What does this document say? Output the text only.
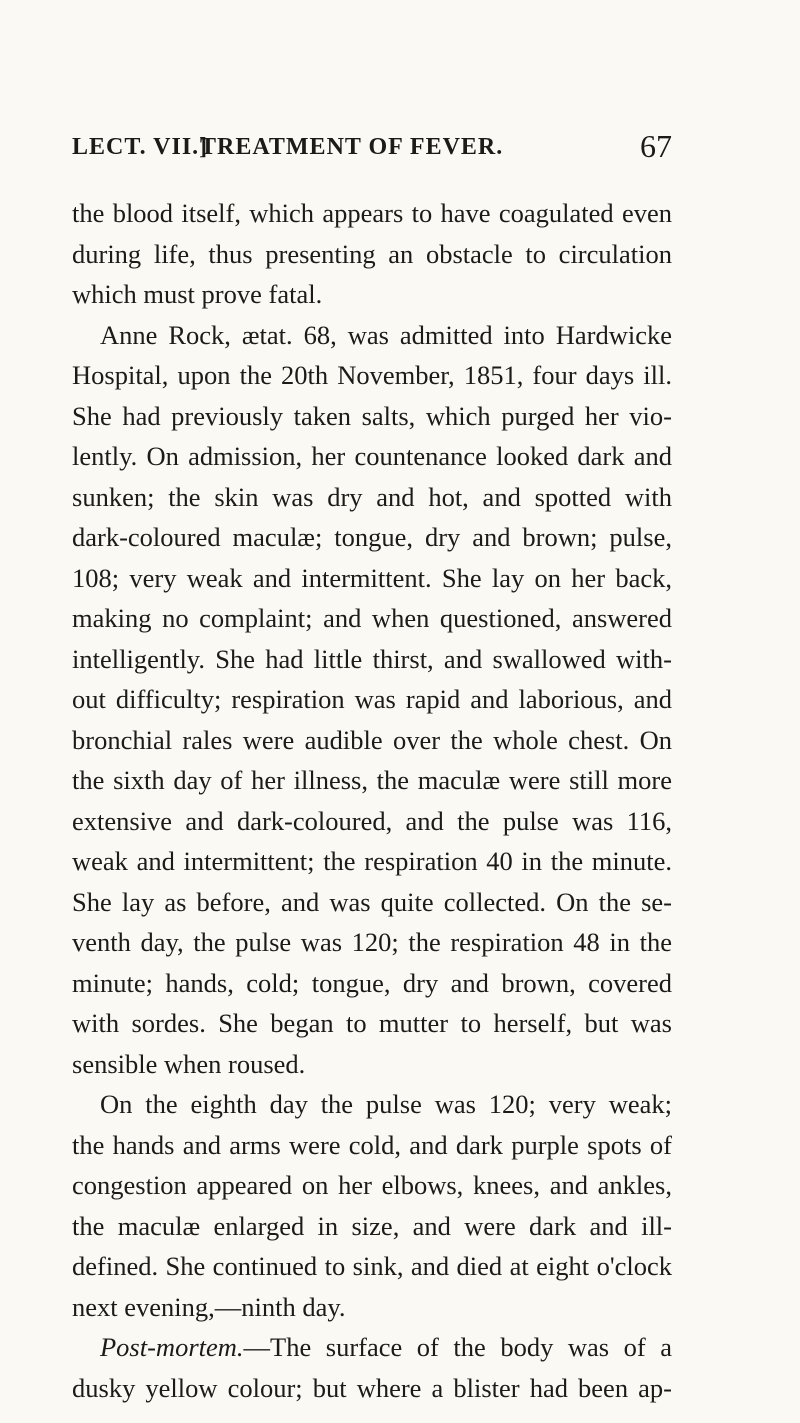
LECT. VII.]
TREATMENT OF FEVER.	67
the blood itself, which appears to have coagulated even
during life, thus presenting an obstacle to circulation
which must prove fatal.
Anne Rock, ætat. 68, was admitted into Hardwicke
Hospital, upon the 20th November, 1851, four days ill.
She had previously taken salts, which purged her vio-
lently. On admission, her countenance looked dark and
sunken; the skin was dry and hot, and spotted with
dark-coloured maculæ; tongue, dry and brown; pulse,
108; very weak and intermittent. She lay on her back,
making no complaint; and when questioned, answered
intelligently. She had little thirst, and swallowed with-
out difficulty; respiration was rapid and laborious, and
bronchial rales were audible over the whole chest. On
the sixth day of her illness, the maculæ were still more
extensive and dark-coloured, and the pulse was 116,
weak and intermittent; the respiration 40 in the minute.
She lay as before, and was quite collected. On the se-
venth day, the pulse was 120; the respiration 48 in the
minute; hands, cold; tongue, dry and brown, covered
with sordes. She began to mutter to herself, but was
sensible when roused.
On the eighth day the pulse was 120; very weak;
the hands and arms were cold, and dark purple spots of
congestion appeared on her elbows, knees, and ankles,
the maculæ enlarged in size, and were dark and ill-
defined. She continued to sink, and died at eight o'clock
next evening,—ninth day.
Post-mortem.—The surface of the body was of a
dusky yellow colour; but where a blister had been ap-
